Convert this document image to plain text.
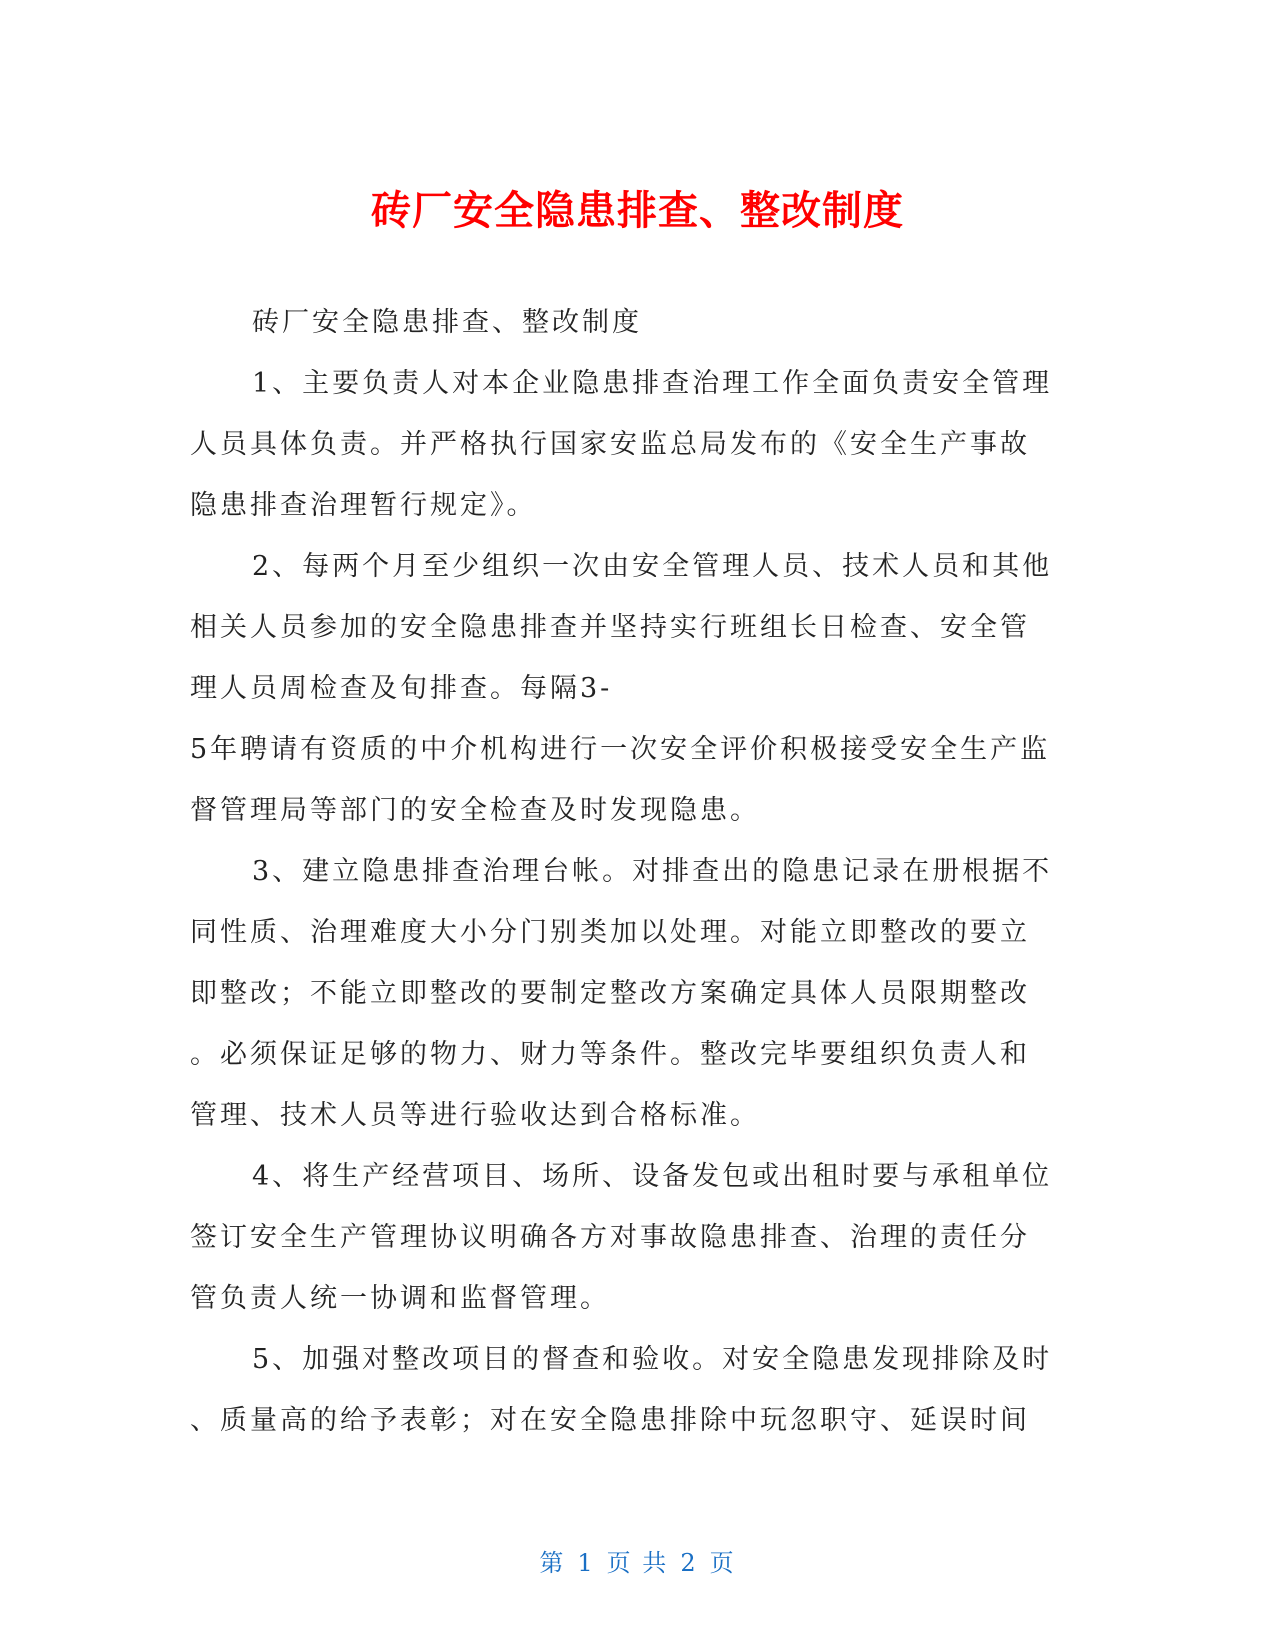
砖厂安全隐患排查、整改制度

砖厂安全隐患排查、整改制度

1、主要负责人对本企业隐患排查治理工作全面负责安全管理
人员具体负责。并严格执行国家安监总局发布的《安全生产事故
隐患排查治理暂行规定》。

2、每两个月至少组织一次由安全管理人员、技术人员和其他
相关人员参加的安全隐患排查并坚持实行班组长日检查、安全管
理人员周检查及旬排查。每隔3-
5年聘请有资质的中介机构进行一次安全评价积极接受安全生产监
督管理局等部门的安全检查及时发现隐患。

3、建立隐患排查治理台帐。对排查出的隐患记录在册根据不
同性质、治理难度大小分门别类加以处理。对能立即整改的要立
即整改；不能立即整改的要制定整改方案确定具体人员限期整改
。必须保证足够的物力、财力等条件。整改完毕要组织负责人和
管理、技术人员等进行验收达到合格标准。

4、将生产经营项目、场所、设备发包或出租时要与承租单位
签订安全生产管理协议明确各方对事故隐患排查、治理的责任分
管负责人统一协调和监督管理。

5、加强对整改项目的督查和验收。对安全隐患发现排除及时
、质量高的给予表彰；对在安全隐患排除中玩忽职守、延误时间

第 1 页 共 2 页
